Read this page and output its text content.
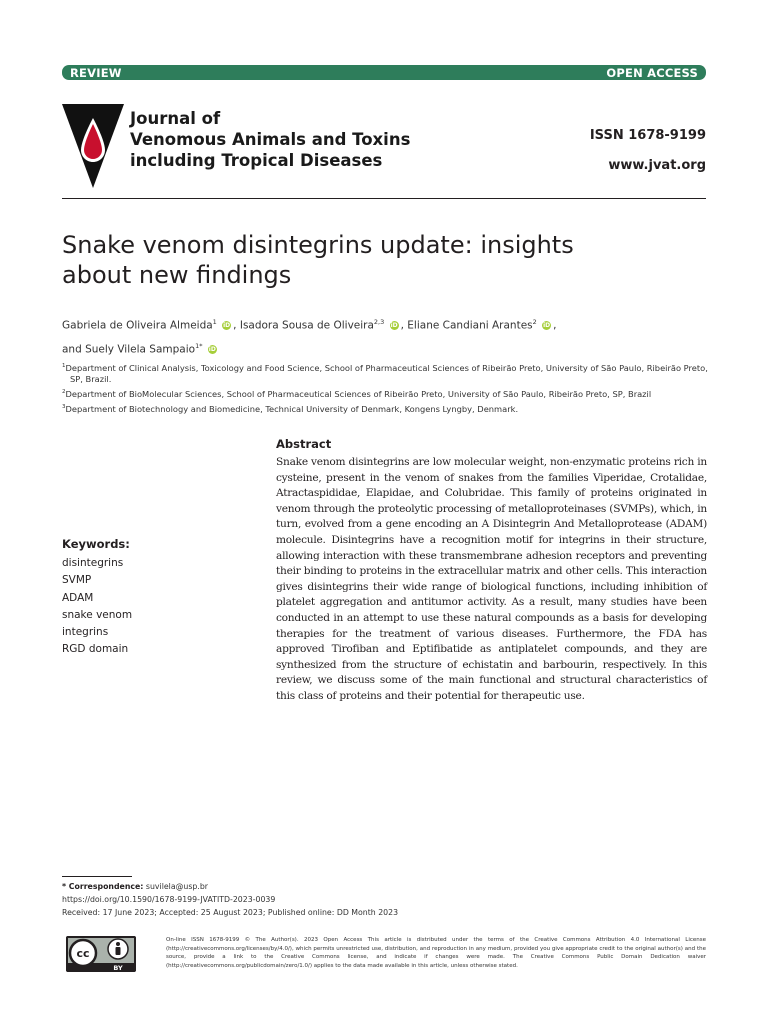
REVIEW	OPEN ACCESS
Journal of
Venomous Animals and Toxins
including Tropical Diseases
ISSN 1678-9199
www.jvat.org
Snake venom disintegrins update: insights
about new findings
Gabriela de Oliveira Almeida$^1$ iD , Isadora Sousa de Oliveira$^{2,3}$ iD , Eliane Candiani Arantes$^2$ iD ,
and Suely Vilela Sampaio$^{1*}$ iD
$^1$Department of Clinical Analysis, Toxicology and Food Science, School of Pharmaceutical Sciences of Ribeirão Preto, University of São Paulo, Ribeirão Preto,
SP, Brazil.
$^2$Department of BioMolecular Sciences, School of Pharmaceutical Sciences of Ribeirão Preto, University of São Paulo, Ribeirão Preto, SP, Brazil
$^3$Department of Biotechnology and Biomedicine, Technical University of Denmark, Kongens Lyngby, Denmark.
Keywords:
disintegrins
SVMP
ADAM
snake venom
integrins
RGD domain
Abstract
Snake venom disintegrins are low molecular weight, non-enzymatic proteins rich in cysteine, present in the venom of snakes from the families Viperidae, Crotalidae, Atractaspididae, Elapidae, and Colubridae. This family of proteins originated in venom through the proteolytic processing of metalloproteinases (SVMPs), which, in turn, evolved from a gene encoding an A Disintegrin And Metalloprotease (ADAM) molecule. Disintegrins have a recognition motif for integrins in their structure, allowing interaction with these transmembrane adhesion receptors and preventing their binding to proteins in the extracellular matrix and other cells. This interaction gives disintegrins their wide range of biological functions, including inhibition of platelet aggregation and antitumor activity. As a result, many studies have been conducted in an attempt to use these natural compounds as a basis for developing therapies for the treatment of various diseases. Furthermore, the FDA has approved Tirofiban and Eptifibatide as antiplatelet compounds, and they are synthesized from the structure of echistatin and barbourin, respectively. In this review, we discuss some of the main functional and structural characteristics of this class of proteins and their potential for therapeutic use.
* Correspondence: suvilela@usp.br
https://doi.org/10.1590/1678-9199-JVATITD-2023-0039
Received: 17 June 2023; Accepted: 25 August 2023; Published online: DD Month 2023
cc
BY
On-line ISSN 1678-9199 © The Author(s). 2023 Open Access This article is distributed under the terms of the Creative Commons Attribution 4.0 International License (http://creativecommons.org/licenses/by/4.0/), which permits unrestricted use, distribution, and reproduction in any medium, provided you give appropriate credit to the original author(s) and the source, provide a link to the Creative Commons license, and indicate if changes were made. The Creative Commons Public Domain Dedication waiver (http://creativecommons.org/publicdomain/zero/1.0/) applies to the data made available in this article, unless otherwise stated.
